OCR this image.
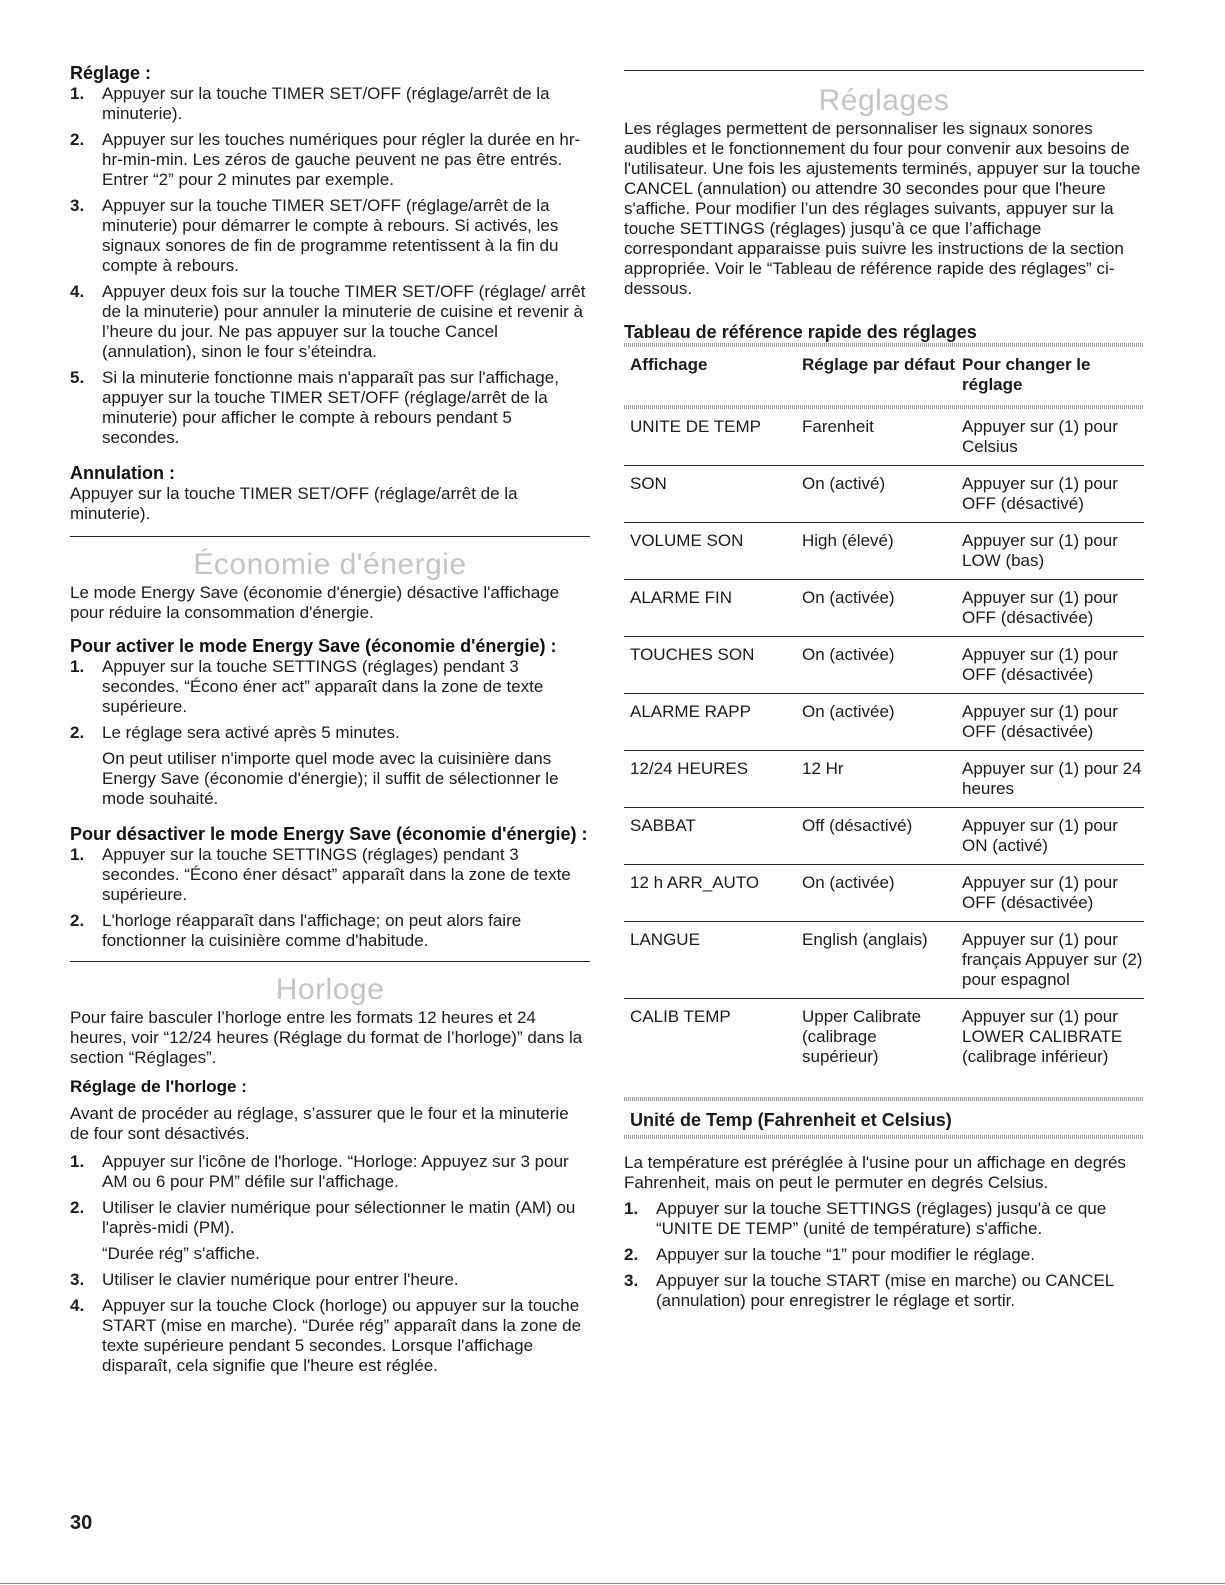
Réglage :

1. Appuyer sur la touche TIMER SET/OFF (réglage/arrêt de la minuterie).
2. Appuyer sur les touches numériques pour régler la durée en hr-hr-min-min. Les zéros de gauche peuvent ne pas être entrés. Entrer “2” pour 2 minutes par exemple.
3. Appuyer sur la touche TIMER SET/OFF (réglage/arrêt de la minuterie) pour démarrer le compte à rebours. Si activés, les signaux sonores de fin de programme retentissent à la fin du compte à rebours.
4. Appuyer deux fois sur la touche TIMER SET/OFF (réglage/ arrêt de la minuterie) pour annuler la minuterie de cuisine et revenir à l’heure du jour. Ne pas appuyer sur la touche Cancel (annulation), sinon le four s’éteindra.
5. Si la minuterie fonctionne mais n'apparaît pas sur l'affichage, appuyer sur la touche TIMER SET/OFF (réglage/arrêt de la minuterie) pour afficher le compte à rebours pendant 5 secondes.

Annulation :

Appuyer sur la touche TIMER SET/OFF (réglage/arrêt de la minuterie).

Économie d'énergie

Le mode Energy Save (économie d'énergie) désactive l'affichage pour réduire la consommation d'énergie.

Pour activer le mode Energy Save (économie d'énergie) :

1. Appuyer sur la touche SETTINGS (réglages) pendant 3 secondes. “Écono éner act” apparaît dans la zone de texte supérieure.
2. Le réglage sera activé après 5 minutes.
On peut utiliser n'importe quel mode avec la cuisinière dans Energy Save (économie d'énergie); il suffit de sélectionner le mode souhaité.

Pour désactiver le mode Energy Save (économie d'énergie) :

1. Appuyer sur la touche SETTINGS (réglages) pendant 3 secondes. “Écono éner désact” apparaît dans la zone de texte supérieure.
2. L'horloge réapparaît dans l'affichage; on peut alors faire fonctionner la cuisinière comme d'habitude.
Horloge

Pour faire basculer l’horloge entre les formats 12 heures et 24 heures, voir “12/24 heures (Réglage du format de l’horloge)” dans la section “Réglages”.

Réglage de l'horloge :

Avant de procéder au réglage, s’assurer que le four et la minuterie de four sont désactivés.

1. Appuyer sur l'icône de l'horloge. “Horloge: Appuyez sur 3 pour AM ou 6 pour PM” défile sur l'affichage.
2. Utiliser le clavier numérique pour sélectionner le matin (AM) ou l'après-midi (PM).
“Durée rég” s'affiche.
3. Utiliser le clavier numérique pour entrer l'heure.
4. Appuyer sur la touche Clock (horloge) ou appuyer sur la touche START (mise en marche). “Durée rég” apparaît dans la zone de texte supérieure pendant 5 secondes. Lorsque l'affichage disparaît, cela signifie que l'heure est réglée.
Réglages

Les réglages permettent de personnaliser les signaux sonores audibles et le fonctionnement du four pour convenir aux besoins de l'utilisateur. Une fois les ajustements terminés, appuyer sur la touche CANCEL (annulation) ou attendre 30 secondes pour que l'heure s'affiche. Pour modifier l’un des réglages suivants, appuyer sur la touche SETTINGS (réglages) jusqu’à ce que l’affichage correspondant apparaisse puis suivre les instructions de la section appropriée. Voir le “Tableau de référence rapide des réglages” ci-dessous.

Tableau de référence rapide des réglages

Affichage	Réglage par défaut	Pour changer le réglage

UNITE DE TEMP	Farenheit	Appuyer sur (1) pour Celsius
SON	On (activé)	Appuyer sur (1) pour OFF (désactivé)
VOLUME SON	High (élevé)	Appuyer sur (1) pour LOW (bas)
ALARME FIN	On (activée)	Appuyer sur (1) pour OFF (désactivée)
TOUCHES SON	On (activée)	Appuyer sur (1) pour OFF (désactivée)
ALARME RAPP	On (activée)	Appuyer sur (1) pour OFF (désactivée)
12/24 HEURES	12 Hr	Appuyer sur (1) pour 24 heures
SABBAT	Off (désactivé)	Appuyer sur (1) pour ON (activé)
12 h ARR_AUTO	On (activée)	Appuyer sur (1) pour OFF (désactivée)
LANGUE	English (anglais)	Appuyer sur (1) pour français Appuyer sur (2) pour espagnol
CALIB TEMP	Upper Calibrate (calibrage supérieur)	Appuyer sur (1) pour LOWER CALIBRATE (calibrage inférieur)

Unité de Temp (Fahrenheit et Celsius)

La température est préréglée à l'usine pour un affichage en degrés Fahrenheit, mais on peut le permuter en degrés Celsius.

1. Appuyer sur la touche SETTINGS (réglages) jusqu'à ce que “UNITE DE TEMP” (unité de température) s'affiche.
2. Appuyer sur la touche “1” pour modifier le réglage.
3. Appuyer sur la touche START (mise en marche) ou CANCEL (annulation) pour enregistrer le réglage et sortir.
30
